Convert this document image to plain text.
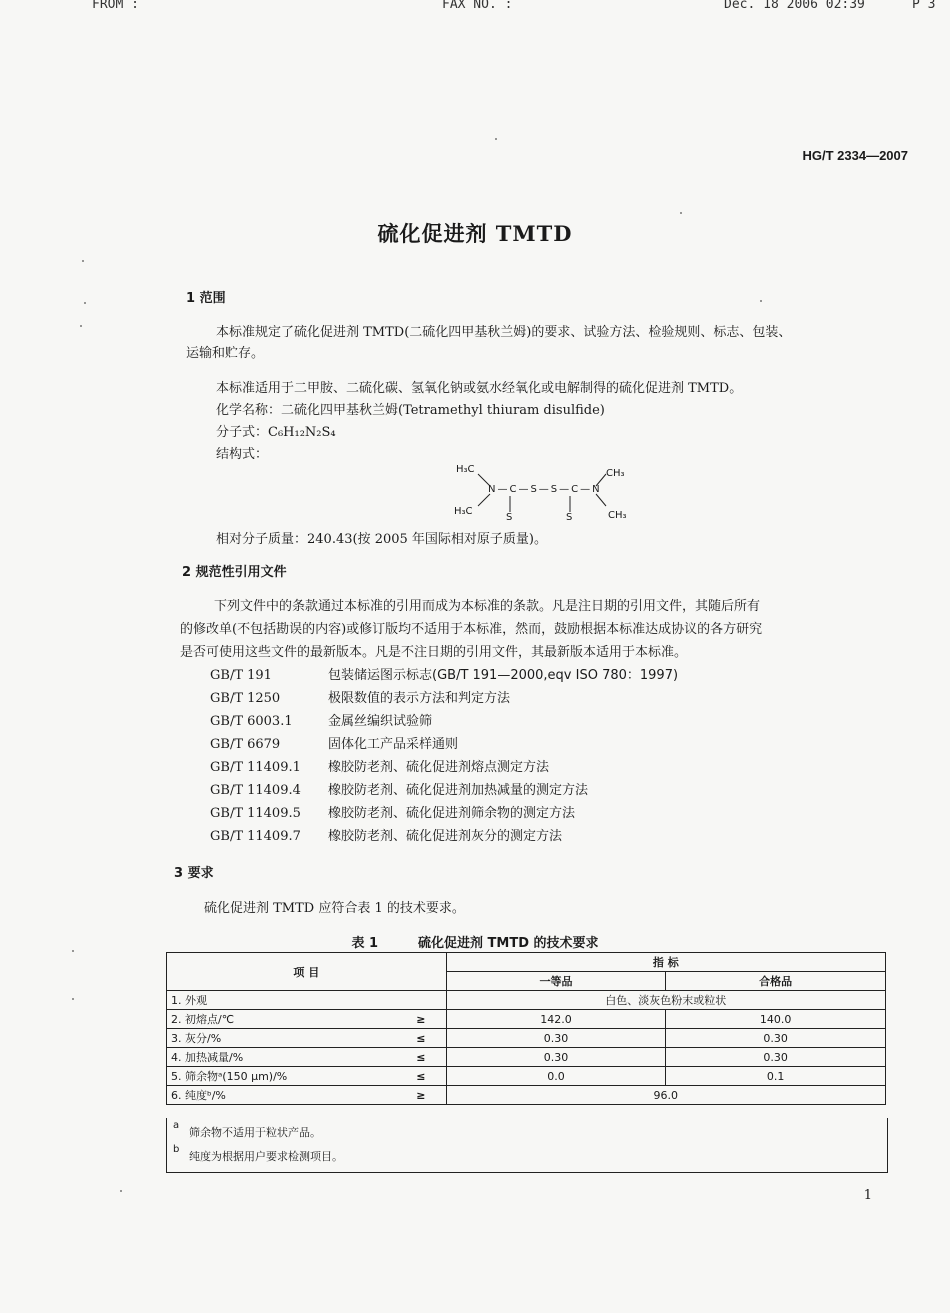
FROM :	FAX NO. :	Dec. 18 2006 02:39	P 3
HG/T 2334—2007
硫化促进剂 TMTD
1 范围
本标准规定了硫化促进剂 TMTD(二硫化四甲基秋兰姆)的要求、试验方法、检验规则、标志、包装、
运输和贮存。
本标准适用于二甲胺、二硫化碳、氢氧化钠或氨水经氧化或电解制得的硫化促进剂 TMTD。
化学名称：二硫化四甲基秋兰姆(Tetramethyl thiuram disulfide)
分子式：C₆H₁₂N₂S₄
结构式：
H₃C
H₃C
CH₃
CH₃
N—C—S—S—C—N
S	S
相对分子质量：240.43(按 2005 年国际相对原子质量)。
2 规范性引用文件
下列文件中的条款通过本标准的引用而成为本标准的条款。凡是注日期的引用文件，其随后所有
的修改单(不包括勘误的内容)或修订版均不适用于本标准，然而，鼓励根据本标准达成协议的各方研究
是否可使用这些文件的最新版本。凡是不注日期的引用文件，其最新版本适用于本标准。
GB/T 191	包装储运图示标志(GB/T 191—2000,eqv ISO 780：1997)
GB/T 1250	极限数值的表示方法和判定方法
GB/T 6003.1	金属丝编织试验筛
GB/T 6679	固体化工产品采样通则
GB/T 11409.1 橡胶防老剂、硫化促进剂熔点测定方法
GB/T 11409.4 橡胶防老剂、硫化促进剂加热减量的测定方法
GB/T 11409.5 橡胶防老剂、硫化促进剂筛余物的测定方法
GB/T 11409.7 橡胶防老剂、硫化促进剂灰分的测定方法
3 要求
硫化促进剂 TMTD 应符合表 1 的技术要求。
表 1	硫化促进剂 TMTD 的技术要求
项 目		指 标	
		一等品	合格品
1. 外观		白色、淡灰色粉末或粒状	
2. 初熔点/℃	≥	142.0	140.0
3. 灰分/%	≤	0.30	0.30
4. 加热减量/%	≤	0.30	0.30
5. 筛余物ᵃ(150 μm)/%	≤	0.0	0.1
6. 纯度ᵇ/%	≥	96.0	
a
筛余物不适用于粒状产品。
b
纯度为根据用户要求检测项目。
1
